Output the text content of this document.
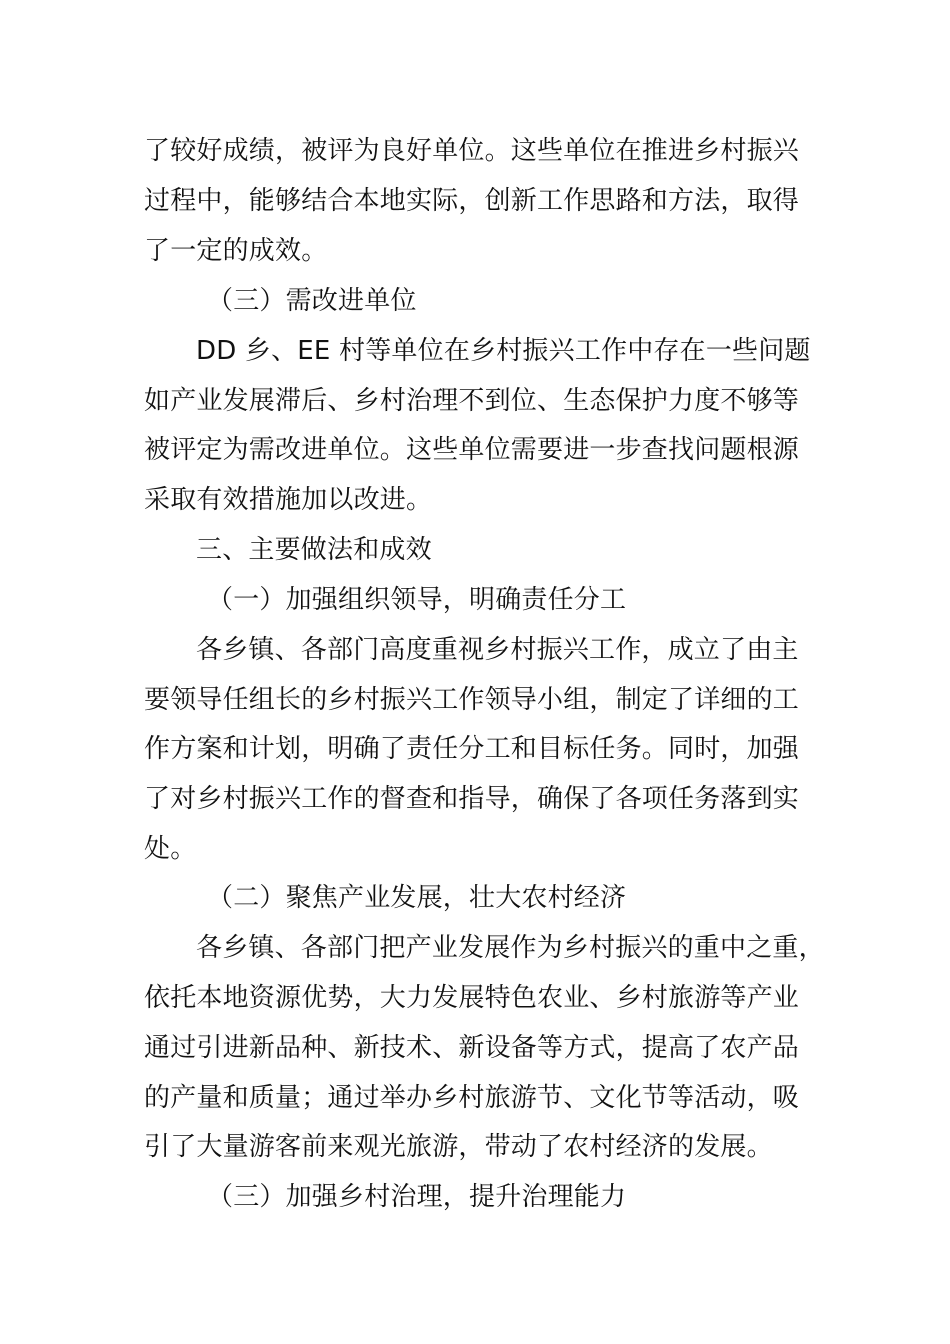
了较好成绩，被评为良好单位。这些单位在推进乡村振兴
过程中，能够结合本地实际，创新工作思路和方法，取得
了一定的成效。
（三）需改进单位
DD 乡、EE 村等单位在乡村振兴工作中存在一些问题
如产业发展滞后、乡村治理不到位、生态保护力度不够等
被评定为需改进单位。这些单位需要进一步查找问题根源
采取有效措施加以改进。
三、主要做法和成效
（一）加强组织领导，明确责任分工
各乡镇、各部门高度重视乡村振兴工作，成立了由主
要领导任组长的乡村振兴工作领导小组，制定了详细的工
作方案和计划，明确了责任分工和目标任务。同时，加强
了对乡村振兴工作的督查和指导，确保了各项任务落到实
处。
（二）聚焦产业发展，壮大农村经济
各乡镇、各部门把产业发展作为乡村振兴的重中之重，
依托本地资源优势，大力发展特色农业、乡村旅游等产业
通过引进新品种、新技术、新设备等方式，提高了农产品
的产量和质量；通过举办乡村旅游节、文化节等活动，吸
引了大量游客前来观光旅游，带动了农村经济的发展。
（三）加强乡村治理，提升治理能力
